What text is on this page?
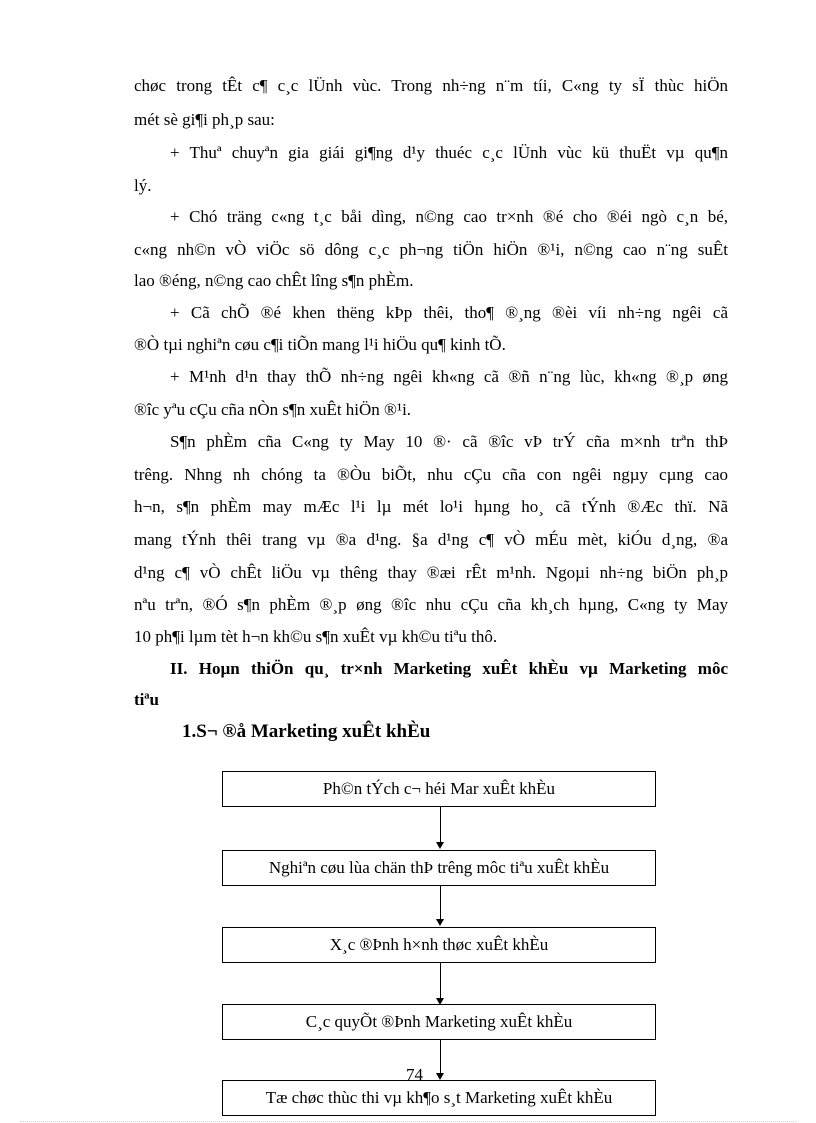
chøc trong tÊt c¶ c¸c lÜnh vùc. Trong nh÷ng n¨m tíi, C«ng ty sÏ thùc hiÖn
mét sè gi¶i ph¸p sau:
+ Thuª chuyªn gia giái gi¶ng d¹y thuéc c¸c lÜnh vùc kü thuËt vµ qu¶n
lý.
+ Chó träng c«ng t¸c båi dìng, n©ng cao tr×nh ®é cho ®éi ngò c¸n bé,
c«ng nh©n vÒ viÖc sö dông c¸c ph¬ng tiÖn hiÖn ®¹i, n©ng cao n¨ng suÊt
lao ®éng, n©ng cao chÊt lîng s¶n phÈm.
+ Cã chÕ ®é khen thëng kÞp thêi, tho¶ ®¸ng ®èi víi nh÷ng ngêi cã
®Ò tµi nghiªn cøu c¶i tiÕn mang l¹i hiÖu qu¶ kinh tÕ.
+ M¹nh d¹n thay thÕ nh÷ng ngêi kh«ng cã ®ñ n¨ng lùc, kh«ng ®¸p øng
®îc yªu cÇu cña nÒn s¶n xuÊt hiÖn ®¹i.
S¶n phÈm cña C«ng ty May 10 ®· cã ®îc vÞ trÝ cña m×nh trªn thÞ
trêng. Nhng nh chóng ta ®Òu biÕt, nhu cÇu cña con ngêi ngµy cµng cao
h¬n, s¶n phÈm may mÆc l¹i lµ mét lo¹i hµng ho¸ cã tÝnh ®Æc thï. Nã
mang tÝnh thêi trang vµ ®a d¹ng. §a d¹ng c¶ vÒ mÉu mèt, kiÓu d¸ng, ®a
d¹ng c¶ vÒ chÊt liÖu vµ thêng thay ®æi rÊt m¹nh. Ngoµi nh÷ng biÖn ph¸p
nªu trªn, ®Ó s¶n phÈm ®¸p øng ®îc nhu cÇu cña kh¸ch hµng, C«ng ty May
10 ph¶i lµm tèt h¬n kh©u s¶n xuÊt vµ kh©u tiªu thô.
II. Hoµn thiÖn qu¸ tr×nh Marketing xuÊt khÈu vµ Marketing môc
tiªu
1.S¬ ®å Marketing xuÊt khÈu
Ph©n tÝch c¬ héi Mar xuÊt khÈu
Nghiªn cøu lùa chän thÞ trêng môc tiªu xuÊt khÈu
X¸c ®Þnh h×nh thøc xuÊt khÈu
C¸c quyÕt ®Þnh Marketing xuÊt khÈu
Tæ chøc thùc thi vµ kh¶o s¸t Marketing xuÊt khÈu
74
